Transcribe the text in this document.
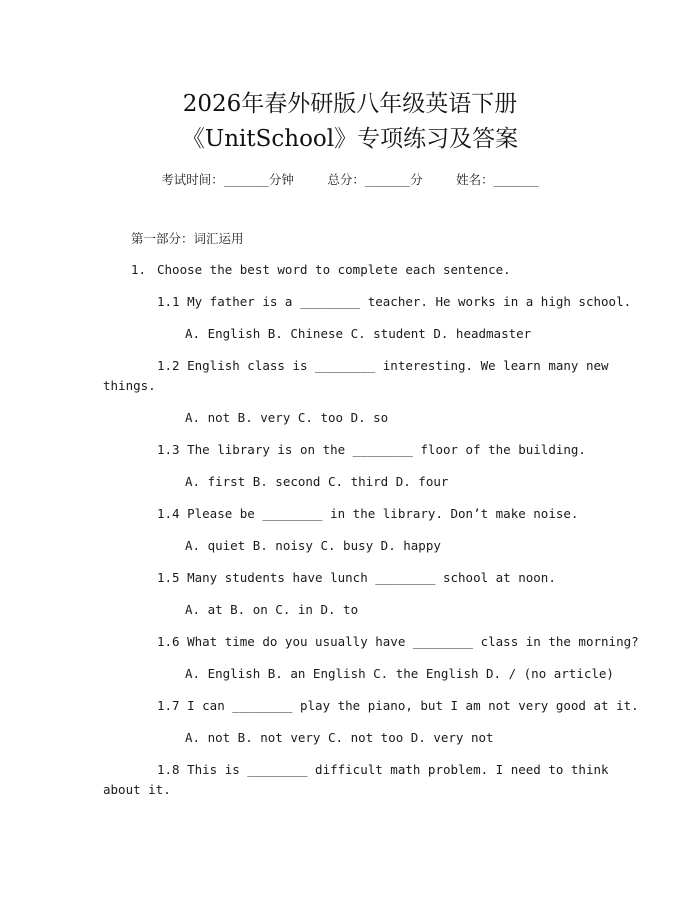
2026年春外研版八年级英语下册
《UnitSchool》专项练习及答案
考试时间：______分钟	总分：______分	姓名：______
第一部分：词汇运用
1. Choose the best word to complete each sentence.
1.1 My father is a ________ teacher. He works in a high school.
A. English B. Chinese C. student D. headmaster
1.2 English class is ________ interesting. We learn many new
things.
A. not B. very C. too D. so
1.3 The library is on the ________ floor of the building.
A. first B. second C. third D. four
1.4 Please be ________ in the library. Don’t make noise.
A. quiet B. noisy C. busy D. happy
1.5 Many students have lunch ________ school at noon.
A. at B. on C. in D. to
1.6 What time do you usually have ________ class in the morning?
A. English B. an English C. the English D. / (no article)
1.7 I can ________ play the piano, but I am not very good at it.
A. not B. not very C. not too D. very not
1.8 This is ________ difficult math problem. I need to think
about it.
